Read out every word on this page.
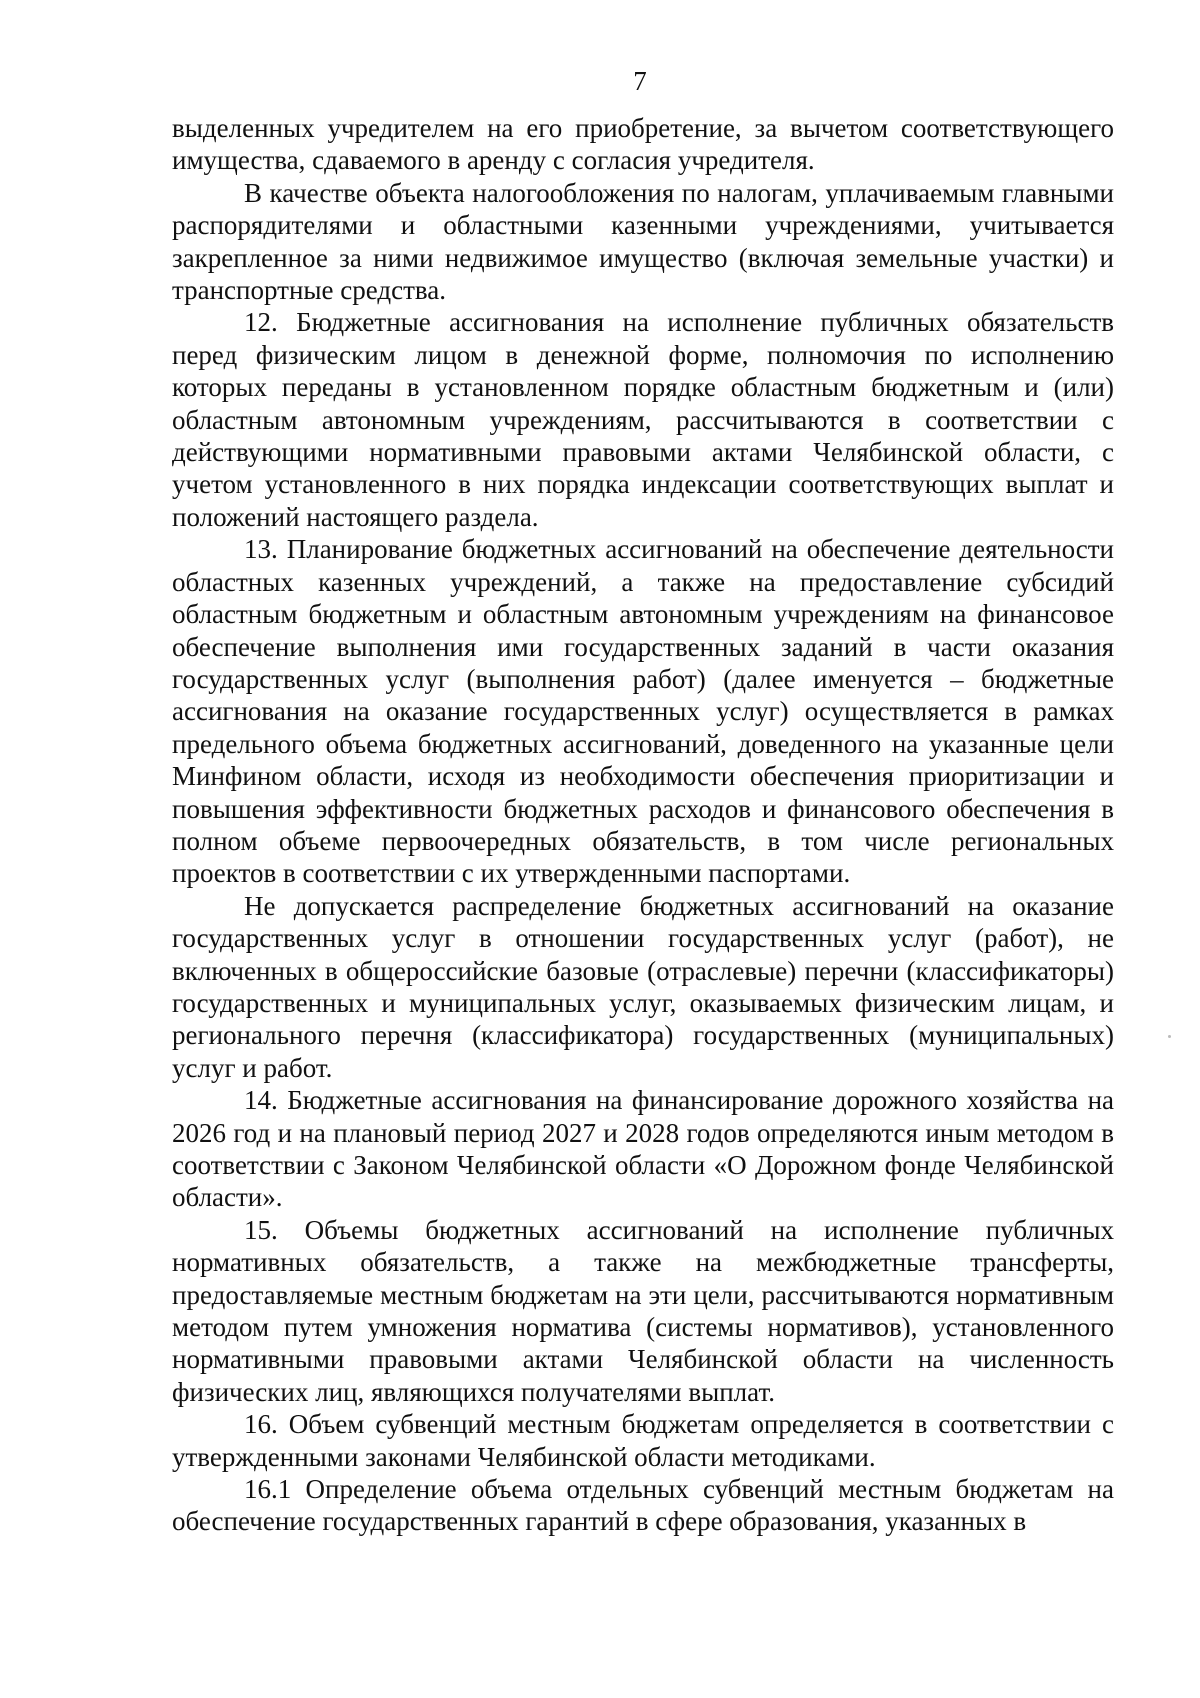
7

выделенных учредителем на его приобретение, за вычетом соответствующего имущества, сдаваемого в аренду с согласия учредителя.

В качестве объекта налогообложения по налогам, уплачиваемым главными распорядителями и областными казенными учреждениями, учитывается закрепленное за ними недвижимое имущество (включая земельные участки) и транспортные средства.

12. Бюджетные ассигнования на исполнение публичных обязательств перед физическим лицом в денежной форме, полномочия по исполнению которых переданы в установленном порядке областным бюджетным и (или) областным автономным учреждениям, рассчитываются в соответствии с действующими нормативными правовыми актами Челябинской области, с учетом установленного в них порядка индексации соответствующих выплат и положений настоящего раздела.

13. Планирование бюджетных ассигнований на обеспечение деятельности областных казенных учреждений, а также на предоставление субсидий областным бюджетным и областным автономным учреждениям на финансовое обеспечение выполнения ими государственных заданий в части оказания государственных услуг (выполнения работ) (далее именуется – бюджетные ассигнования на оказание государственных услуг) осуществляется в рамках предельного объема бюджетных ассигнований, доведенного на указанные цели Минфином области, исходя из необходимости обеспечения приоритизации и повышения эффективности бюджетных расходов и финансового обеспечения в полном объеме первоочередных обязательств, в том числе региональных проектов в соответствии с их утвержденными паспортами.

Не допускается распределение бюджетных ассигнований на оказание государственных услуг в отношении государственных услуг (работ), не включенных в общероссийские базовые (отраслевые) перечни (классификаторы) государственных и муниципальных услуг, оказываемых физическим лицам, и регионального перечня (классификатора) государственных (муниципальных) услуг и работ.

14. Бюджетные ассигнования на финансирование дорожного хозяйства на 2026 год и на плановый период 2027 и 2028 годов определяются иным методом в соответствии с Законом Челябинской области «О Дорожном фонде Челябинской области».

15. Объемы бюджетных ассигнований на исполнение публичных нормативных обязательств, а также на межбюджетные трансферты, предоставляемые местным бюджетам на эти цели, рассчитываются нормативным методом путем умножения норматива (системы нормативов), установленного нормативными правовыми актами Челябинской области на численность физических лиц, являющихся получателями выплат.

16. Объем субвенций местным бюджетам определяется в соответствии с утвержденными законами Челябинской области методиками.

16.1 Определение объема отдельных субвенций местным бюджетам на обеспечение государственных гарантий в сфере образования, указанных в
